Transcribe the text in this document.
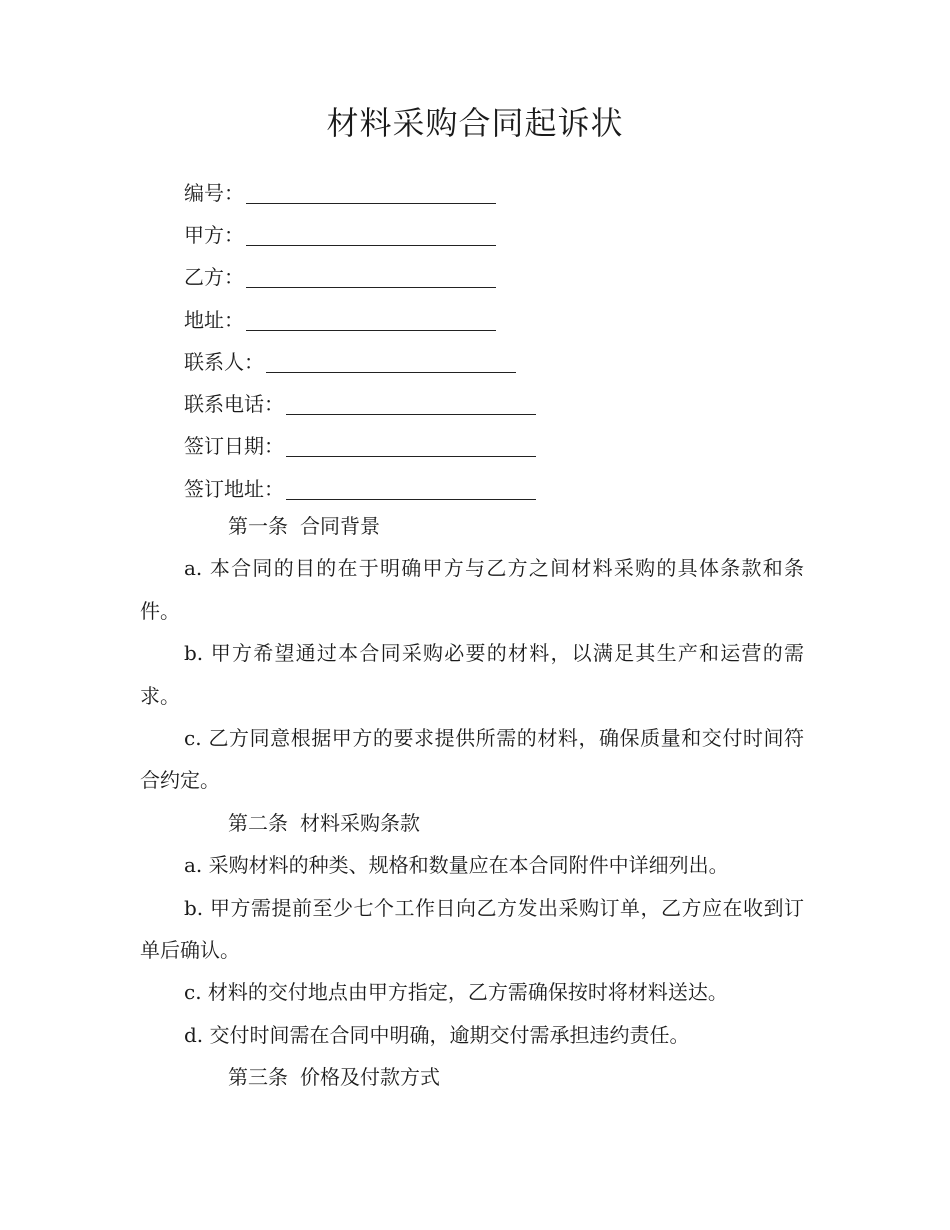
材料采购合同起诉状
编号：
甲方：
乙方：
地址：
联系人：
联系电话：
签订日期：
签订地址：

第一条 合同背景

a. 本合同的目的在于明确甲方与乙方之间材料采购的具体条款和条件。

b. 甲方希望通过本合同采购必要的材料，以满足其生产和运营的需求。

c. 乙方同意根据甲方的要求提供所需的材料，确保质量和交付时间符合约定。

第二条 材料采购条款

a. 采购材料的种类、规格和数量应在本合同附件中详细列出。

b. 甲方需提前至少七个工作日向乙方发出采购订单，乙方应在收到订单后确认。

c. 材料的交付地点由甲方指定，乙方需确保按时将材料送达。

d. 交付时间需在合同中明确，逾期交付需承担违约责任。

第三条 价格及付款方式
